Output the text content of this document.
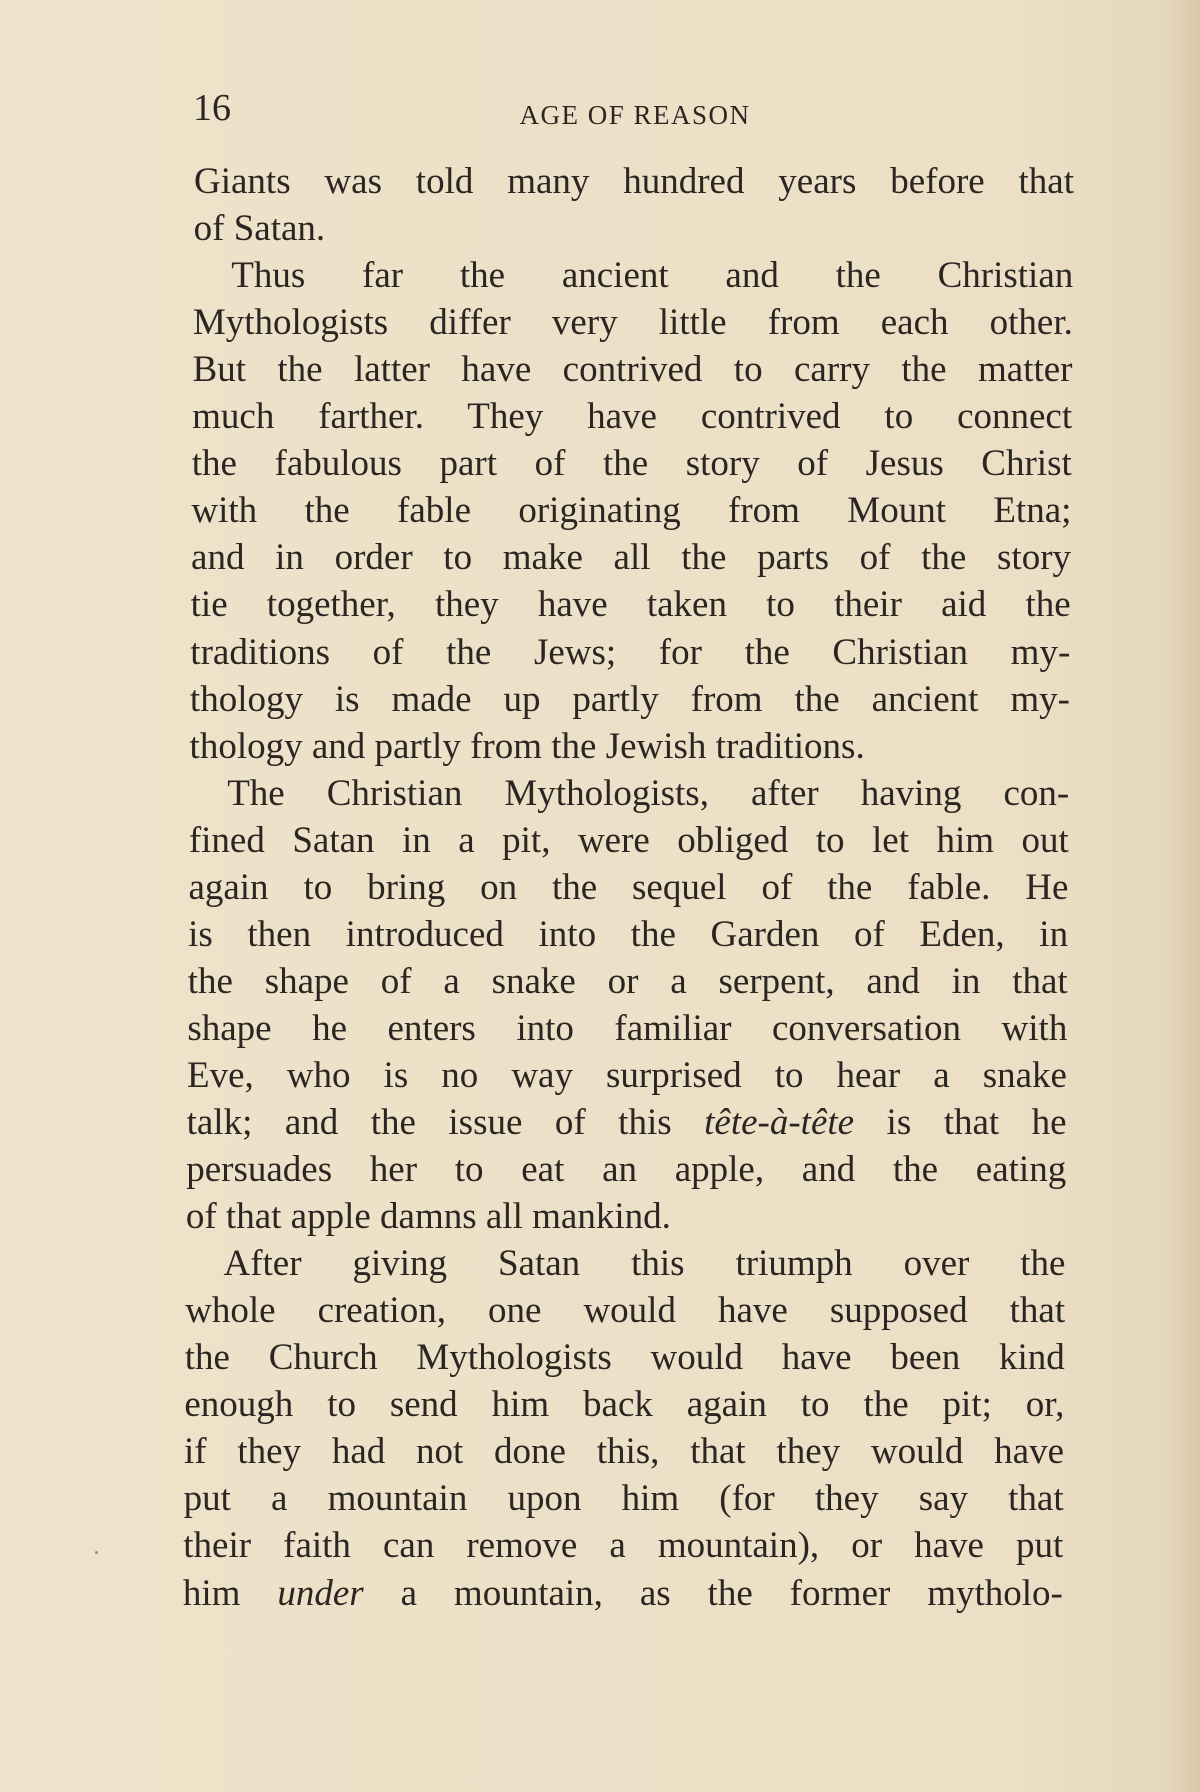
16	AGE OF REASON
Giants was told many hundred years before that
of Satan.
Thus far the ancient and the Christian
Mythologists differ very little from each other.
But the latter have contrived to carry the matter
much farther. They have contrived to connect
the fabulous part of the story of Jesus Christ
with the fable originating from Mount Etna;
and in order to make all the parts of the story
tie together, they have taken to their aid the
traditions of the Jews; for the Christian my-
thology is made up partly from the ancient my-
thology and partly from the Jewish traditions.
The Christian Mythologists, after having con-
fined Satan in a pit, were obliged to let him out
again to bring on the sequel of the fable. He
is then introduced into the Garden of Eden, in
the shape of a snake or a serpent, and in that
shape he enters into familiar conversation with
Eve, who is no way surprised to hear a snake
talk; and the issue of this tête-à-tête is that he
persuades her to eat an apple, and the eating
of that apple damns all mankind.
After giving Satan this triumph over the
whole creation, one would have supposed that
the Church Mythologists would have been kind
enough to send him back again to the pit; or,
if they had not done this, that they would have
put a mountain upon him (for they say that
their faith can remove a mountain), or have put
him under a mountain, as the former mytholo-
